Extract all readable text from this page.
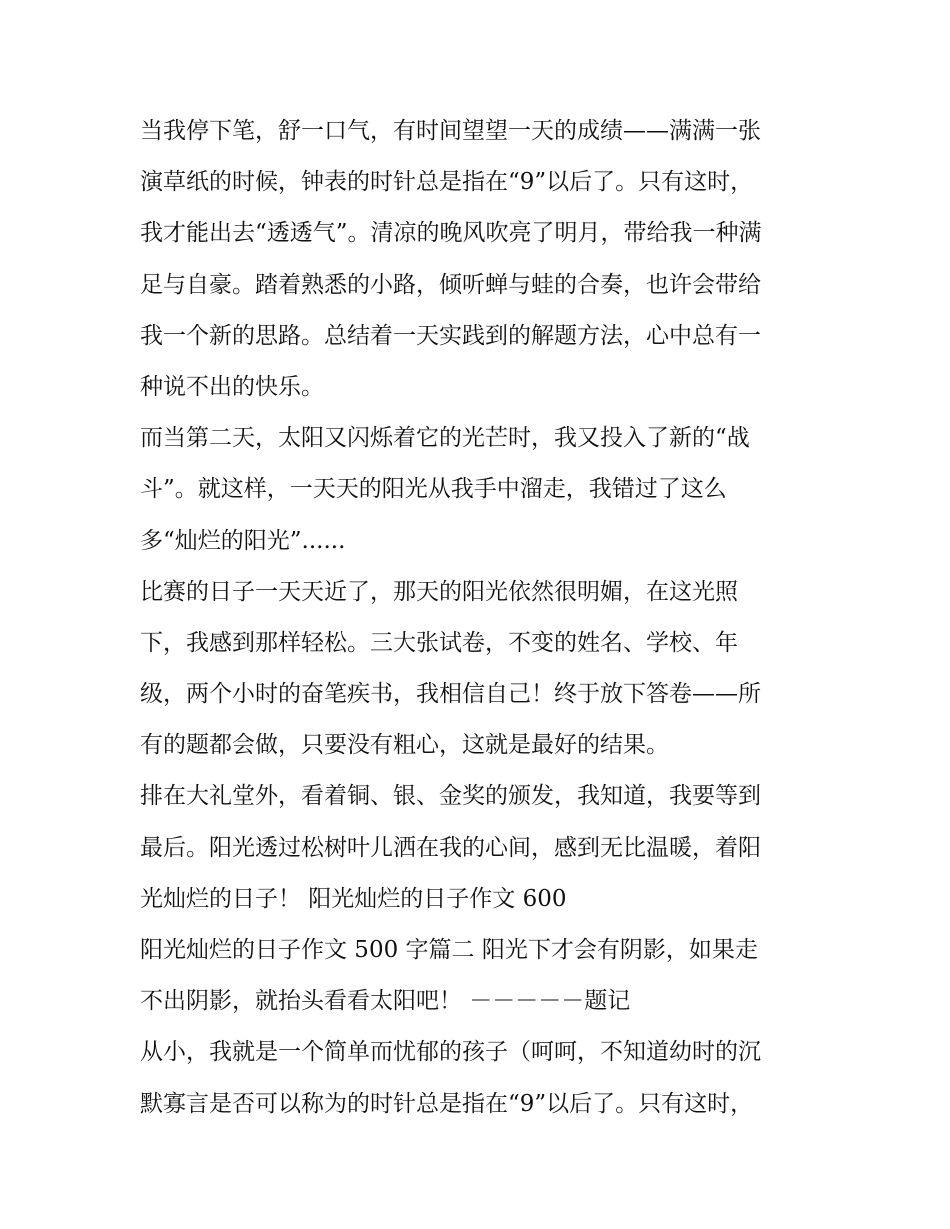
当我停下笔，舒一口气，有时间望望一天的成绩——满满一张
演草纸的时候，钟表的时针总是指在“9”以后了。只有这时，
我才能出去“透透气”。清凉的晚风吹亮了明月，带给我一种满
足与自豪。踏着熟悉的小路，倾听蝉与蛙的合奏，也许会带给
我一个新的思路。总结着一天实践到的解题方法，心中总有一
种说不出的快乐。
而当第二天，太阳又闪烁着它的光芒时，我又投入了新的“战
斗”。就这样，一天天的阳光从我手中溜走，我错过了这么
多“灿烂的阳光”......
比赛的日子一天天近了，那天的阳光依然很明媚，在这光照
下，我感到那样轻松。三大张试卷，不变的姓名、学校、年
级，两个小时的奋笔疾书，我相信自己！终于放下答卷——所
有的题都会做，只要没有粗心，这就是最好的结果。
排在大礼堂外，看着铜、银、金奖的颁发，我知道，我要等到
最后。阳光透过松树叶儿洒在我的心间，感到无比温暖，着阳
光灿烂的日子！ 阳光灿烂的日子作文 600
阳光灿烂的日子作文 500 字篇二 阳光下才会有阴影，如果走
不出阴影，就抬头看看太阳吧！ －－－－－题记
从小，我就是一个简单而忧郁的孩子（呵呵，不知道幼时的沉
默寡言是否可以称为的时针总是指在“9”以后了。只有这时，
